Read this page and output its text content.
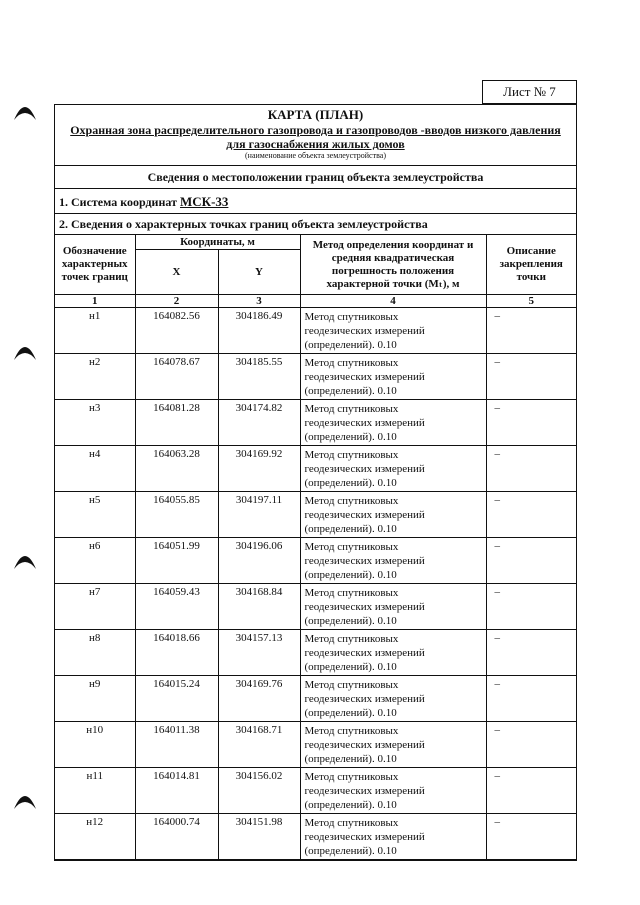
Лист № 7
КАРТА (ПЛАН)
Охранная зона распределительного газопровода и газопроводов -вводов низкого давления
для газоснабжения жилых домов
(наименование объекта землеустройства)
Сведения о местоположении границ объекта землеустройства
1. Система координат МСК-33
2. Сведения о характерных точках границ объекта землеустройства
Обозначение характерных точек границ	Координаты, м		Метод определения координат и средняя квадратическая погрешность положения характерной точки (Mₜ), м	Описание закрепления точки
	X	Y		
1	2	3	4	5
н1	164082.56	304186.49	Метод спутниковых
геодезических измерений
(определений). 0.10	–
н2	164078.67	304185.55	Метод спутниковых
геодезических измерений
(определений). 0.10	–
н3	164081.28	304174.82	Метод спутниковых
геодезических измерений
(определений). 0.10	–
н4	164063.28	304169.92	Метод спутниковых
геодезических измерений
(определений). 0.10	–
н5	164055.85	304197.11	Метод спутниковых
геодезических измерений
(определений). 0.10	–
н6	164051.99	304196.06	Метод спутниковых
геодезических измерений
(определений). 0.10	–
н7	164059.43	304168.84	Метод спутниковых
геодезических измерений
(определений). 0.10	–
н8	164018.66	304157.13	Метод спутниковых
геодезических измерений
(определений). 0.10	–
н9	164015.24	304169.76	Метод спутниковых
геодезических измерений
(определений). 0.10	–
н10	164011.38	304168.71	Метод спутниковых
геодезических измерений
(определений). 0.10	–
н11	164014.81	304156.02	Метод спутниковых
геодезических измерений
(определений). 0.10	–
н12	164000.74	304151.98	Метод спутниковых
геодезических измерений
(определений). 0.10	–
